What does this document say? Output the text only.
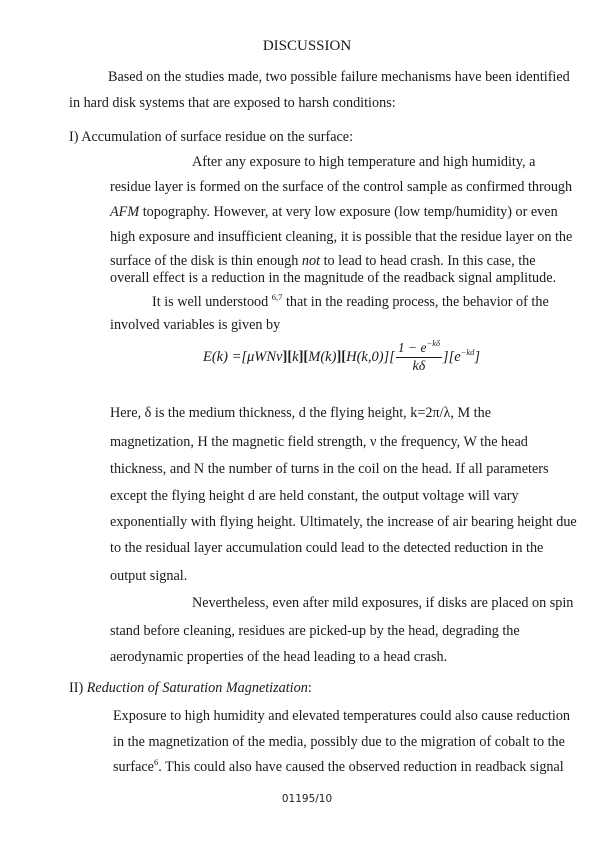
DISCUSSION
Based on the studies made, two possible failure mechanisms have been identified
in hard disk systems that are exposed to harsh conditions:
I) Accumulation of surface residue on the surface:
After any exposure to high temperature and high humidity, a
residue layer is formed on the surface of the control sample as confirmed through
AFM topography. However, at very low exposure (low temp/humidity) or even
high exposure and insufficient cleaning, it is possible that the residue layer on the
surface of the disk is thin enough not to lead to head crash. In this case, the
overall effect is a reduction in the magnitude of the readback signal amplitude.
It is well understood $^{6,7}$ that in the reading process, the behavior of the
involved variables is given by
E(k) = [μWNν ][ k ][ M(k) ][ $H(k,0)][ \frac{1 - e-k\delta}{k\delta} ][e-kd]$
Here, δ is the medium thickness, d the flying height, k=2π/λ, M the
magnetization, H the magnetic field strength, ν the frequency, W the head
thickness, and N the number of turns in the coil on the head. If all parameters
except the flying height d are held constant, the output voltage will vary
exponentially with flying height. Ultimately, the increase of air bearing height due
to the residual layer accumulation could lead to the detected reduction in the
output signal.
Nevertheless, even after mild exposures, if disks are placed on spin
stand before cleaning, residues are picked-up by the head, degrading the
aerodynamic properties of the head leading to a head crash.
II) Reduction of Saturation Magnetization:
Exposure to high humidity and elevated temperatures could also cause reduction
in the magnetization of the media, possibly due to the migration of cobalt to the
surface$^6$. This could also have caused the observed reduction in readback signal
01195/10
